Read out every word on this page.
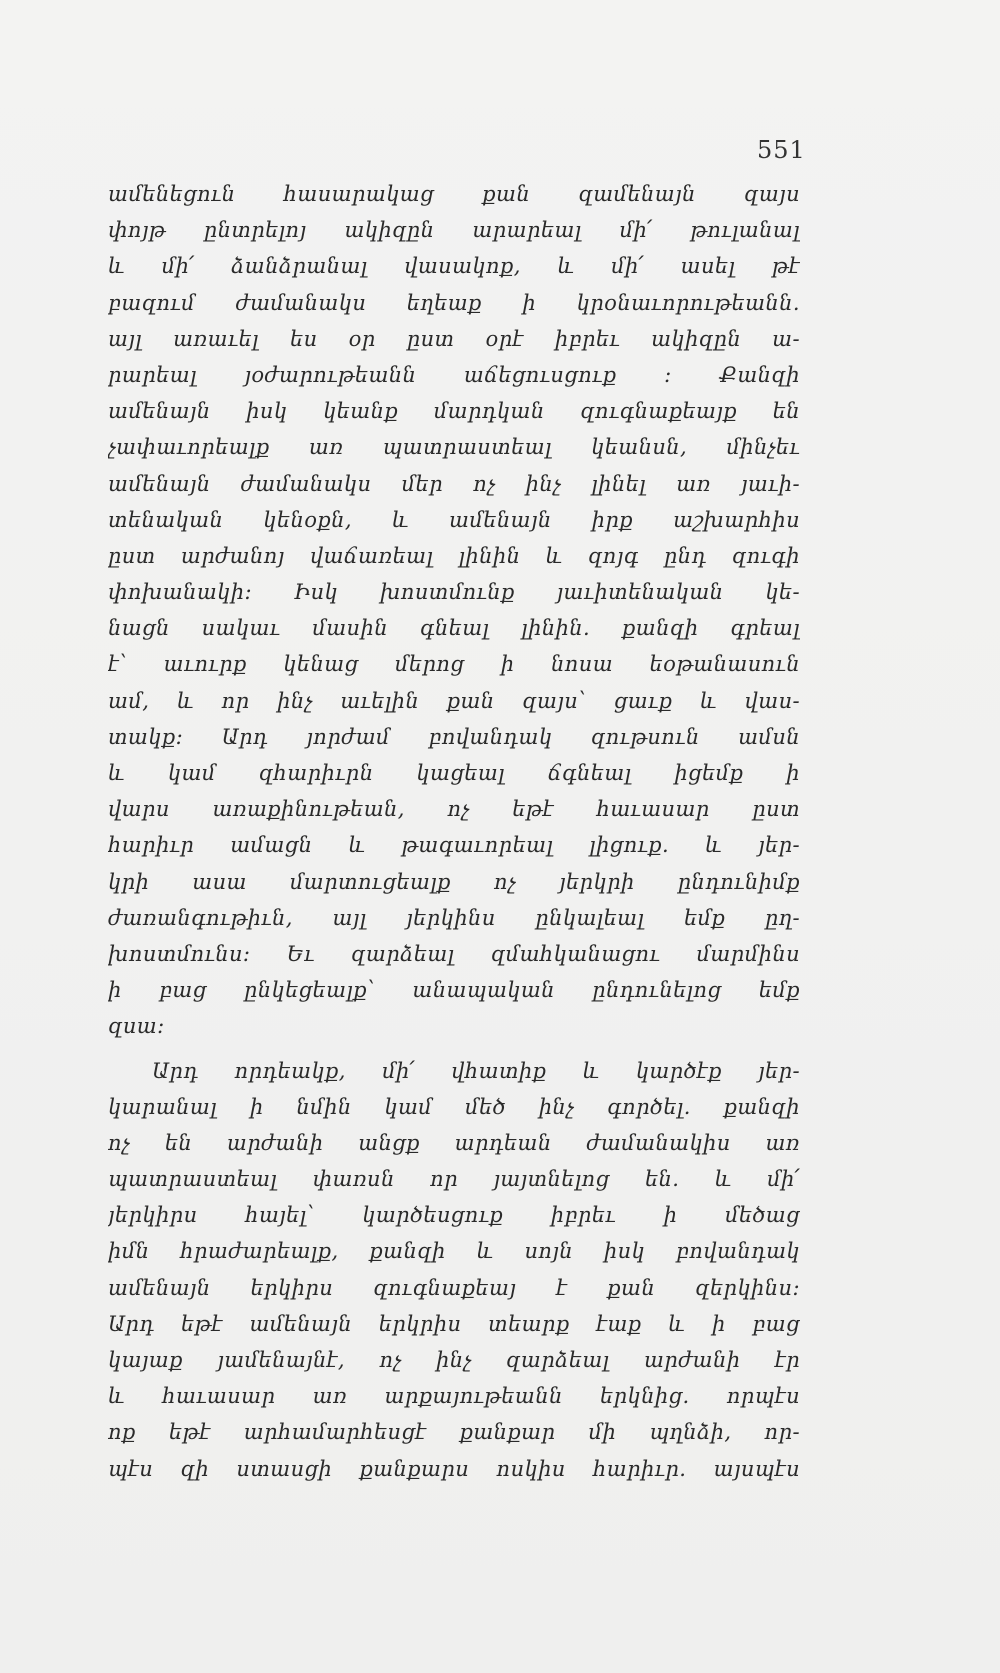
551
ամենեցուն հասարակաց քան զամենայն զայս
փոյթ ընտրելոյ ակիզըն արարեալ մի՛ թուլանալ
և մի՛ ձանձրանալ վասակոք, և մի՛ ասել թէ
բազում ժամանակս եղեաք ի կրօնաւորութեանն.
այլ առաւել ես օր ըստ օրէ իբրեւ ակիզըն ա-
րարեալ յօժարութեանն աճեցուսցուք ։ Քանզի
ամենայն իսկ կեանք մարդկան զուգնաքեայք են
չափաւորեալք առ պատրաստեալ կեանսն, մինչեւ
ամենայն ժամանակս մեր ոչ ինչ լինել առ յաւի-
տենական կենօքն, և ամենայն իրք աշխարհիս
ըստ արժանոյ վաճառեալ լինին և զոյգ ընդ զուգի
փոխանակի։ Իսկ խոստմունք յաւիտենական կե-
նացն սակաւ մասին գնեալ լինին. քանզի գրեալ
է՝ աւուրք կենաց մերոց ի նոսա եօթանասուն
ամ, և որ ինչ աւելին քան զայս՝ ցաւք և վաս-
տակք։ Արդ յորժամ բովանդակ զութսուն ամսն
և կամ զհարիւրն կացեալ ճգնեալ իցեմք ի
վարս առաքինութեան, ոչ եթէ հաւասար ըստ
հարիւր ամացն և թագաւորեալ լիցուք. և յեր-
կրի ասա մարտուցեալք ոչ յերկրի ընդունիմք
ժառանգութիւն, այլ յերկինս ընկալեալ եմք ըղ-
խոստմունս։ Եւ զարձեալ զմահկանացու մարմինս
ի բաց ընկեցեալք՝ անապական ընդունելոց եմք
զսա։
Արդ որդեակք, մի՛ վհատիք և կարծէք յեր-
կարանալ ի նմին կամ մեծ ինչ գործել. քանզի
ոչ են արժանի անցք արդեան ժամանակիս առ
պատրաստեալ փառսն որ յայտնելոց են. և մի՛
յերկիրս հայել՝ կարծեսցուք իբրեւ ի մեծաց
իմն հրաժարեալք, քանզի և սոյն իսկ բովանդակ
ամենայն երկիրս զուգնաքեայ է քան զերկինս։
Արդ եթէ ամենայն երկրիս տեարք էաք և ի բաց
կայաք յամենայնէ, ոչ ինչ զարձեալ արժանի էր
և հաւասար առ արքայութեանն երկնից. որպէս
ոք եթէ արհամարհեսցէ քանքար մի պղնձի, որ-
պէս զի ստասցի քանքարս ոսկիս հարիւր. այսպէս
